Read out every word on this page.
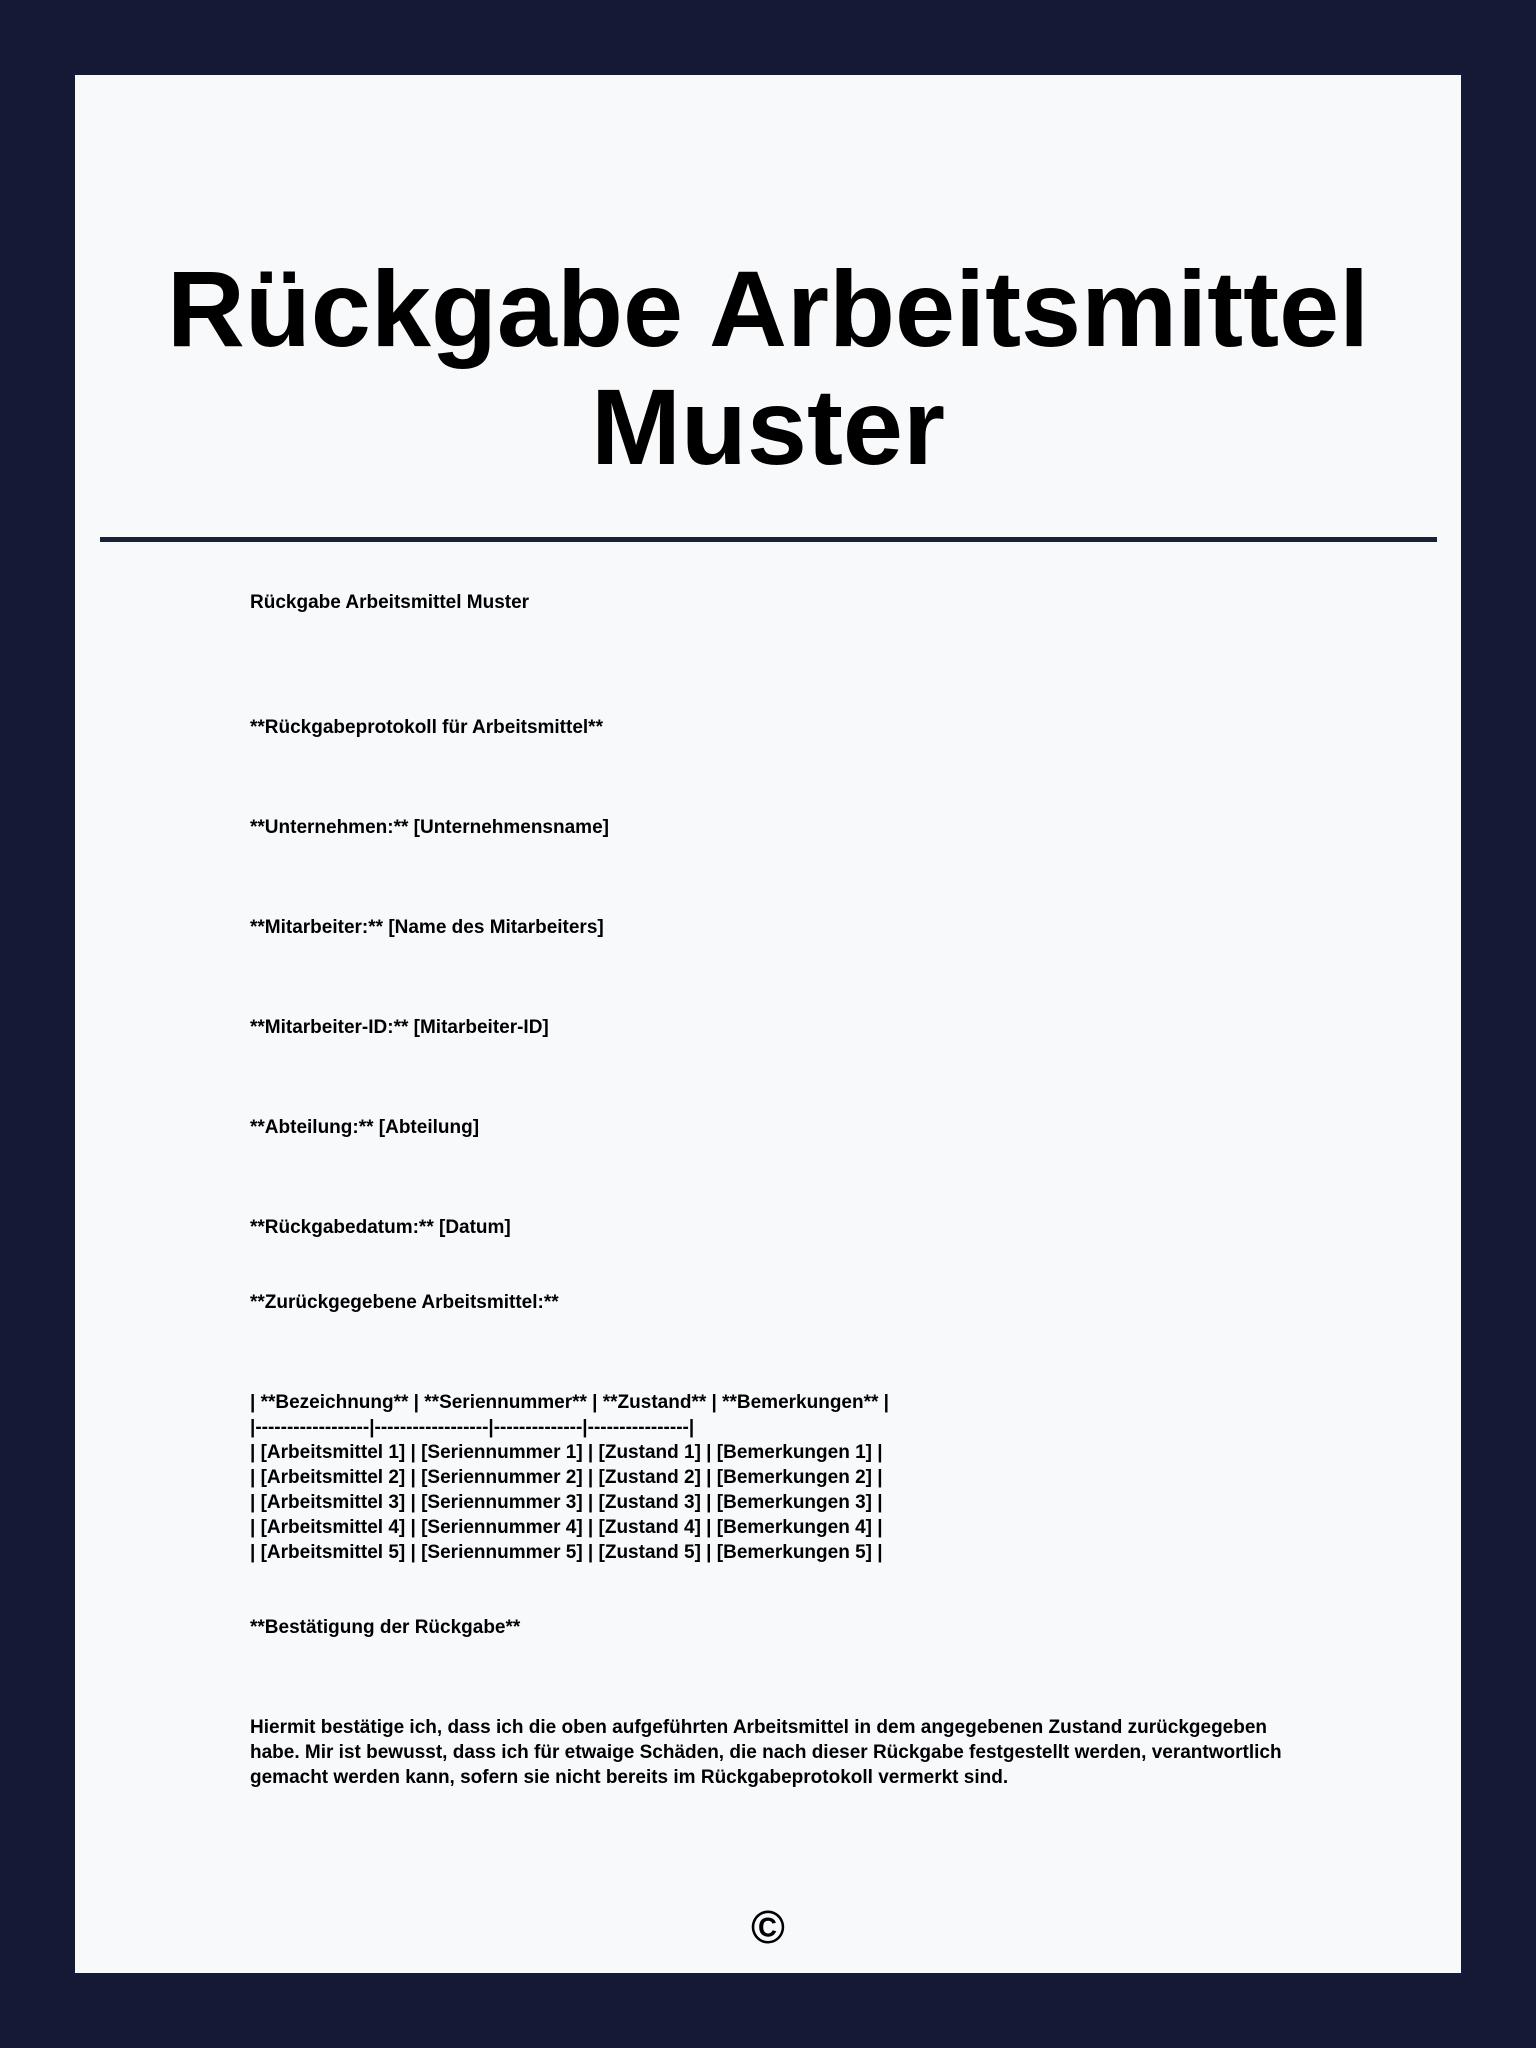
Rückgabe Arbeitsmittel Muster
Rückgabe Arbeitsmittel Muster
**Rückgabeprotokoll für Arbeitsmittel**
**Unternehmen:** [Unternehmensname]
**Mitarbeiter:** [Name des Mitarbeiters]
**Mitarbeiter-ID:** [Mitarbeiter-ID]
**Abteilung:** [Abteilung]
**Rückgabedatum:** [Datum]
**Zurückgegebene Arbeitsmittel:**
| **Bezeichnung** | **Seriennummer** | **Zustand** | **Bemerkungen** |
|------------------|------------------|--------------|----------------|
| [Arbeitsmittel 1] | [Seriennummer 1] | [Zustand 1] | [Bemerkungen 1] |
| [Arbeitsmittel 2] | [Seriennummer 2] | [Zustand 2] | [Bemerkungen 2] |
| [Arbeitsmittel 3] | [Seriennummer 3] | [Zustand 3] | [Bemerkungen 3] |
| [Arbeitsmittel 4] | [Seriennummer 4] | [Zustand 4] | [Bemerkungen 4] |
| [Arbeitsmittel 5] | [Seriennummer 5] | [Zustand 5] | [Bemerkungen 5] |
**Bestätigung der Rückgabe**
Hiermit bestätige ich, dass ich die oben aufgeführten Arbeitsmittel in dem angegebenen Zustand zurückgegeben habe. Mir ist bewusst, dass ich für etwaige Schäden, die nach dieser Rückgabe festgestellt werden, verantwortlich gemacht werden kann, sofern sie nicht bereits im Rückgabeprotokoll vermerkt sind.
©
